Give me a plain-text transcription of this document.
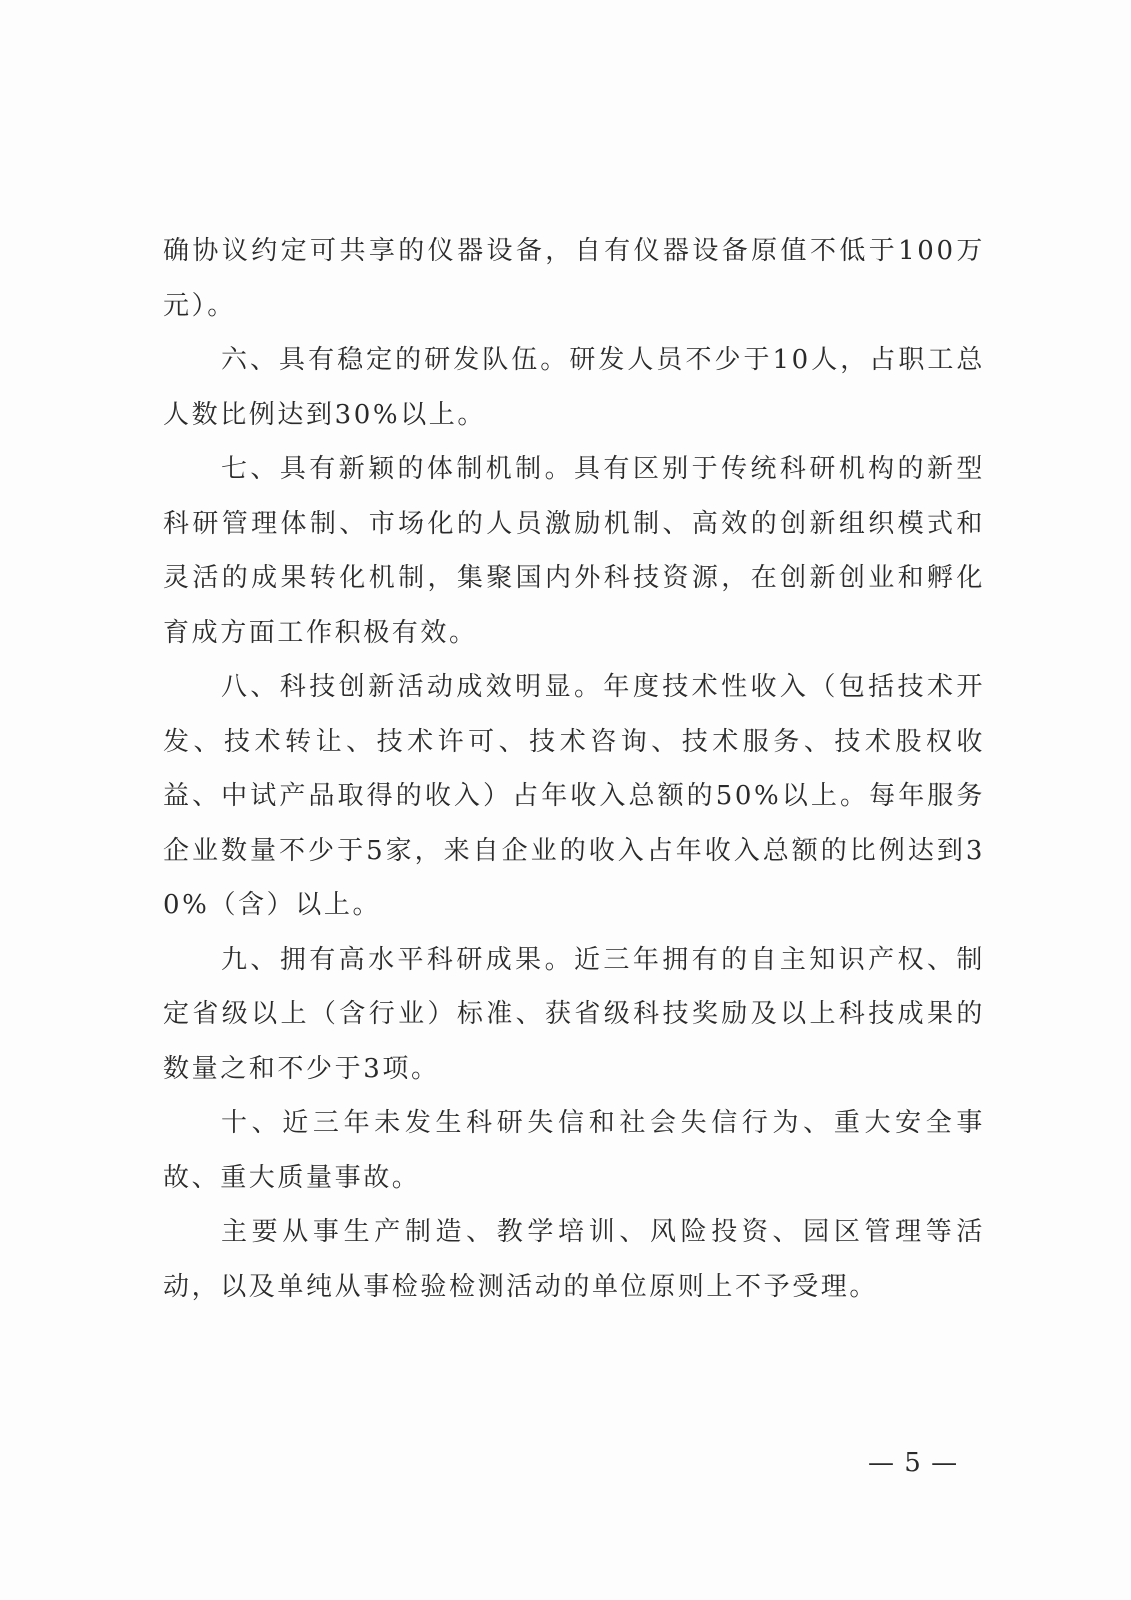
确协议约定可共享的仪器设备，自有仪器设备原值不低于100万元）。

六、具有稳定的研发队伍。研发人员不少于10人，占职工总人数比例达到30%以上。

七、具有新颖的体制机制。具有区别于传统科研机构的新型科研管理体制、市场化的人员激励机制、高效的创新组织模式和灵活的成果转化机制，集聚国内外科技资源，在创新创业和孵化育成方面工作积极有效。

八、科技创新活动成效明显。年度技术性收入（包括技术开发、技术转让、技术许可、技术咨询、技术服务、技术股权收益、中试产品取得的收入）占年收入总额的50%以上。每年服务企业数量不少于5家，来自企业的收入占年收入总额的比例达到30%（含）以上。

九、拥有高水平科研成果。近三年拥有的自主知识产权、制定省级以上（含行业）标准、获省级科技奖励及以上科技成果的数量之和不少于3项。

十、近三年未发生科研失信和社会失信行为、重大安全事故、重大质量事故。

主要从事生产制造、教学培训、风险投资、园区管理等活动，以及单纯从事检验检测活动的单位原则上不予受理。

— 5 —
